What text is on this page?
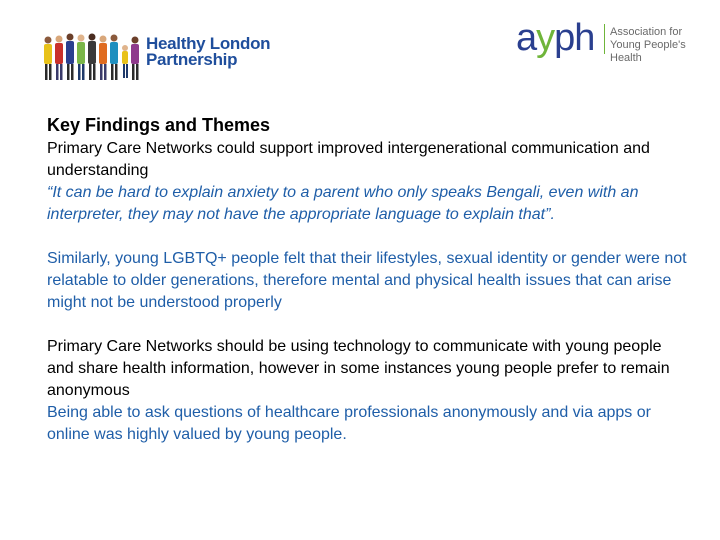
Healthy London
Partnership
ayph Association for
Young People's Health

Key Findings and Themes

Primary Care Networks could support improved intergenerational communication and understanding

“It can be hard to explain anxiety to a parent who only speaks Bengali, even with an interpreter, they may not have the appropriate language to explain that”.

Similarly, young LGBTQ+ people felt that their lifestyles, sexual identity or gender were not relatable to older generations, therefore mental and physical health issues that can arise might not be understood properly

Primary Care Networks should be using technology to communicate with young people and share health information, however in some instances young people prefer to remain anonymous

Being able to ask questions of healthcare professionals anonymously and via apps or online was highly valued by young people.
